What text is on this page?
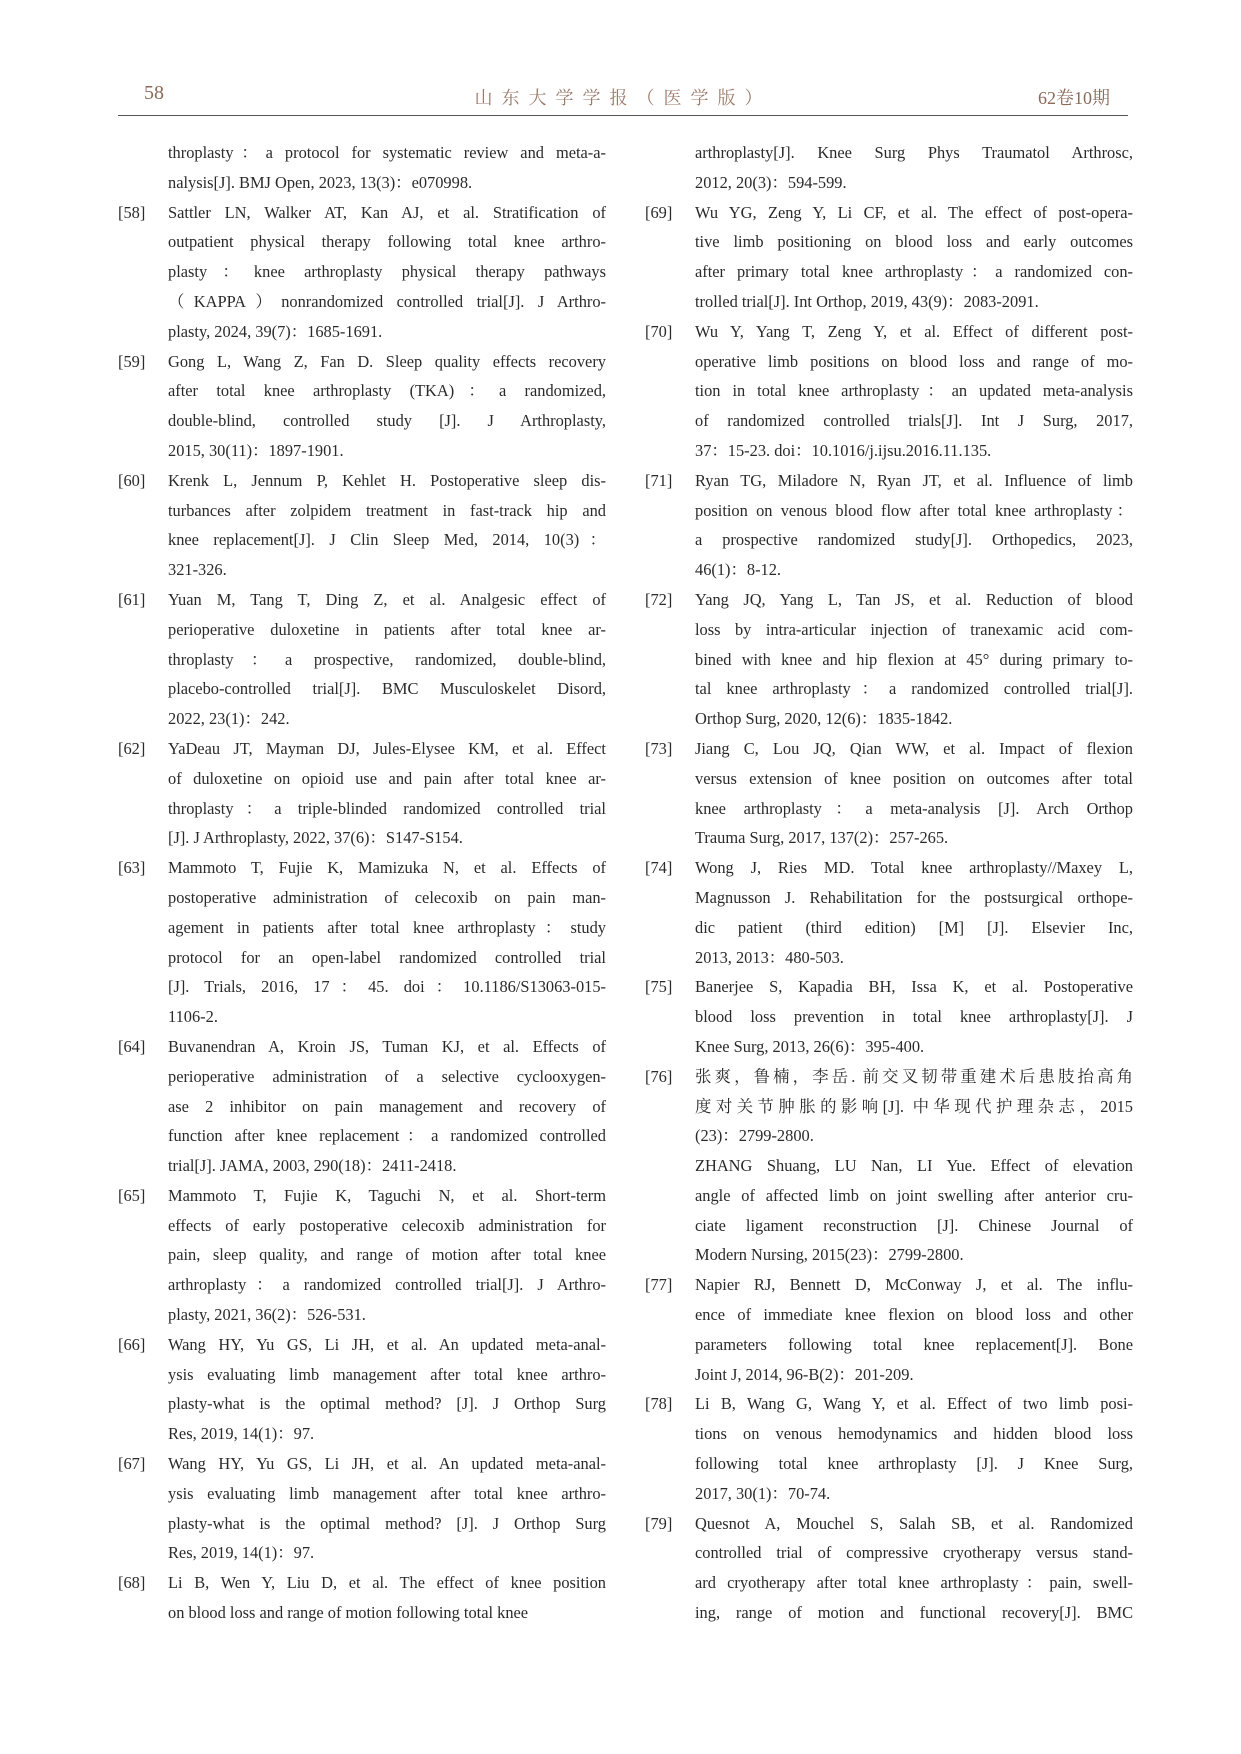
58	山东大学学报（医学版）	62卷10期
throplasty：a protocol for systematic review and meta-a-
nalysis[J]. BMJ Open, 2023, 13(3)：e070998.
[58] Sattler LN, Walker AT, Kan AJ, et al. Stratification of
outpatient physical therapy following total knee arthro-
plasty：knee arthroplasty physical therapy pathways
（KAPPA）nonrandomized controlled trial[J]. J Arthro-
plasty, 2024, 39(7)：1685-1691.
[59] Gong L, Wang Z, Fan D. Sleep quality effects recovery
after total knee arthroplasty (TKA)：a randomized,
double-blind, controlled study [J]. J Arthroplasty,
2015, 30(11)：1897-1901.
[60] Krenk L, Jennum P, Kehlet H. Postoperative sleep dis-
turbances after zolpidem treatment in fast-track hip and
knee replacement[J]. J Clin Sleep Med, 2014, 10(3)：
321-326.
[61] Yuan M, Tang T, Ding Z, et al. Analgesic effect of
perioperative duloxetine in patients after total knee ar-
throplasty：a prospective, randomized, double-blind,
placebo-controlled trial[J]. BMC Musculoskelet Disord,
2022, 23(1)：242.
[62] YaDeau JT, Mayman DJ, Jules-Elysee KM, et al. Effect
of duloxetine on opioid use and pain after total knee ar-
throplasty：a triple-blinded randomized controlled trial
[J]. J Arthroplasty, 2022, 37(6)：S147-S154.
[63] Mammoto T, Fujie K, Mamizuka N, et al. Effects of
postoperative administration of celecoxib on pain man-
agement in patients after total knee arthroplasty：study
protocol for an open-label randomized controlled trial
[J]. Trials, 2016, 17：45. doi：10.1186/S13063-015-
1106-2.
[64] Buvanendran A, Kroin JS, Tuman KJ, et al. Effects of
perioperative administration of a selective cyclooxygen-
ase 2 inhibitor on pain management and recovery of
function after knee replacement：a randomized controlled
trial[J]. JAMA, 2003, 290(18)：2411-2418.
[65] Mammoto T, Fujie K, Taguchi N, et al. Short-term
effects of early postoperative celecoxib administration for
pain, sleep quality, and range of motion after total knee
arthroplasty：a randomized controlled trial[J]. J Arthro-
plasty, 2021, 36(2)：526-531.
[66] Wang HY, Yu GS, Li JH, et al. An updated meta-anal-
ysis evaluating limb management after total knee arthro-
plasty-what is the optimal method? [J]. J Orthop Surg
Res, 2019, 14(1)：97.
[67] Wang HY, Yu GS, Li JH, et al. An updated meta-anal-
ysis evaluating limb management after total knee arthro-
plasty-what is the optimal method? [J]. J Orthop Surg
Res, 2019, 14(1)：97.
[68] Li B, Wen Y, Liu D, et al. The effect of knee position
on blood loss and range of motion following total knee
arthroplasty[J]. Knee Surg Phys Traumatol Arthrosc,
2012, 20(3)：594-599.
[69] Wu YG, Zeng Y, Li CF, et al. The effect of post-opera-
tive limb positioning on blood loss and early outcomes
after primary total knee arthroplasty：a randomized con-
trolled trial[J]. Int Orthop, 2019, 43(9)：2083-2091.
[70] Wu Y, Yang T, Zeng Y, et al. Effect of different post-
operative limb positions on blood loss and range of mo-
tion in total knee arthroplasty：an updated meta-analysis
of randomized controlled trials[J]. Int J Surg, 2017,
37：15-23. doi：10.1016/j.ijsu.2016.11.135.
[71] Ryan TG, Miladore N, Ryan JT, et al. Influence of limb
position on venous blood flow after total knee arthroplasty：
a prospective randomized study[J]. Orthopedics, 2023,
46(1)：8-12.
[72] Yang JQ, Yang L, Tan JS, et al. Reduction of blood
loss by intra-articular injection of tranexamic acid com-
bined with knee and hip flexion at 45° during primary to-
tal knee arthroplasty：a randomized controlled trial[J].
Orthop Surg, 2020, 12(6)：1835-1842.
[73] Jiang C, Lou JQ, Qian WW, et al. Impact of flexion
versus extension of knee position on outcomes after total
knee arthroplasty：a meta-analysis [J]. Arch Orthop
Trauma Surg, 2017, 137(2)：257-265.
[74] Wong J, Ries MD. Total knee arthroplasty//Maxey L,
Magnusson J. Rehabilitation for the postsurgical orthope-
dic patient (third edition) [M] [J]. Elsevier Inc,
2013, 2013：480-503.
[75] Banerjee S, Kapadia BH, Issa K, et al. Postoperative
blood loss prevention in total knee arthroplasty[J]. J
Knee Surg, 2013, 26(6)：395-400.
[76] 张爽，鲁楠，李岳. 前交叉韧带重建术后患肢抬高角
度对关节肿胀的影响[J]. 中华现代护理杂志，2015
(23)：2799-2800.
ZHANG Shuang, LU Nan, LI Yue. Effect of elevation
angle of affected limb on joint swelling after anterior cru-
ciate ligament reconstruction [J]. Chinese Journal of
Modern Nursing, 2015(23)：2799-2800.
[77] Napier RJ, Bennett D, McConway J, et al. The influ-
ence of immediate knee flexion on blood loss and other
parameters following total knee replacement[J]. Bone
Joint J, 2014, 96-B(2)：201-209.
[78] Li B, Wang G, Wang Y, et al. Effect of two limb posi-
tions on venous hemodynamics and hidden blood loss
following total knee arthroplasty [J]. J Knee Surg,
2017, 30(1)：70-74.
[79] Quesnot A, Mouchel S, Salah SB, et al. Randomized
controlled trial of compressive cryotherapy versus stand-
ard cryotherapy after total knee arthroplasty：pain, swell-
ing, range of motion and functional recovery[J]. BMC
